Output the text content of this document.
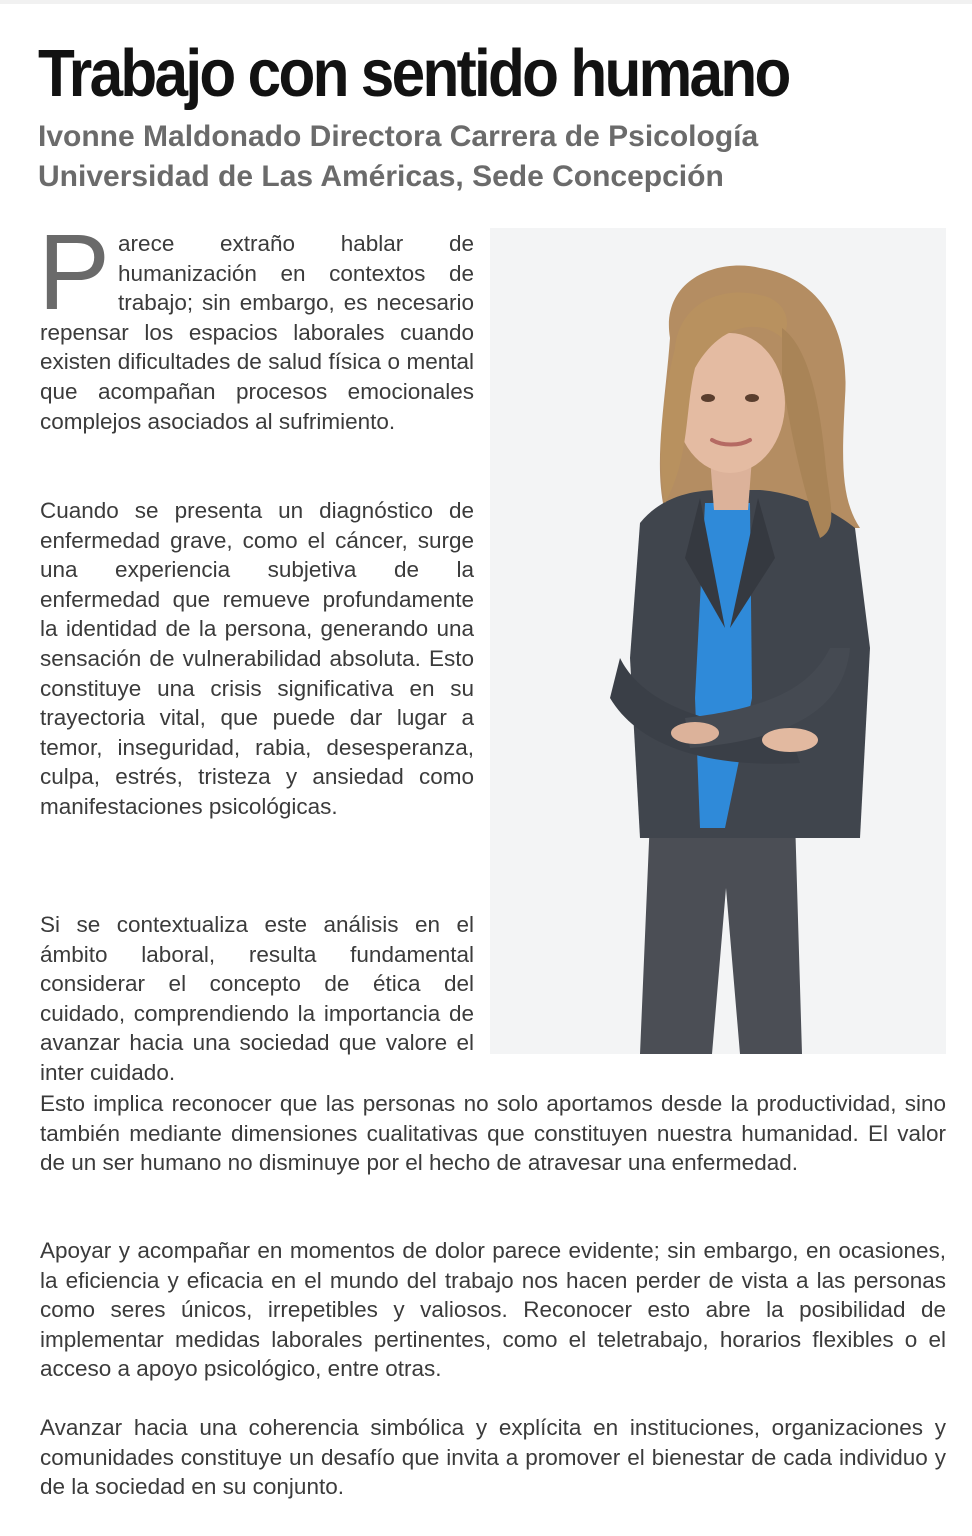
Trabajo con sentido humano

Ivonne Maldonado Directora Carrera de Psicología

Universidad de Las Américas, Sede Concepción

Parece extraño hablar de humanización en contextos de trabajo; sin embargo, es necesario repensar los espacios laborales cuando existen dificultades de salud física o mental que acompañan procesos emocionales complejos asociados al sufrimiento.

Cuando se presenta un diagnóstico de enfermedad grave, como el cáncer, surge una experiencia subjetiva de la enfermedad que remueve profundamente la identidad de la persona, generando una sensación de vulnerabilidad absoluta. Esto constituye una crisis significativa en su trayectoria vital, que puede dar lugar a temor, inseguridad, rabia, desesperanza, culpa, estrés, tristeza y ansiedad como manifestaciones psicológicas.

Si se contextualiza este análisis en el ámbito laboral, resulta fundamental considerar el concepto de ética del cuidado, comprendiendo la importancia de avanzar hacia una sociedad que valore el inter cuidado.

Esto implica reconocer que las personas no solo aportamos desde la productividad, sino también mediante dimensiones cualitativas que constituyen nuestra humanidad. El valor de un ser humano no disminuye por el hecho de atravesar una enfermedad.

Apoyar y acompañar en momentos de dolor parece evidente; sin embargo, en ocasiones, la eficiencia y eficacia en el mundo del trabajo nos hacen perder de vista a las personas como seres únicos, irrepetibles y valiosos. Reconocer esto abre la posibilidad de implementar medidas laborales pertinentes, como el teletrabajo, horarios flexibles o el acceso a apoyo psicológico, entre otras.

Avanzar hacia una coherencia simbólica y explícita en instituciones, organizaciones y comunidades constituye un desafío que invita a promover el bienestar de cada individuo y de la sociedad en su conjunto.
